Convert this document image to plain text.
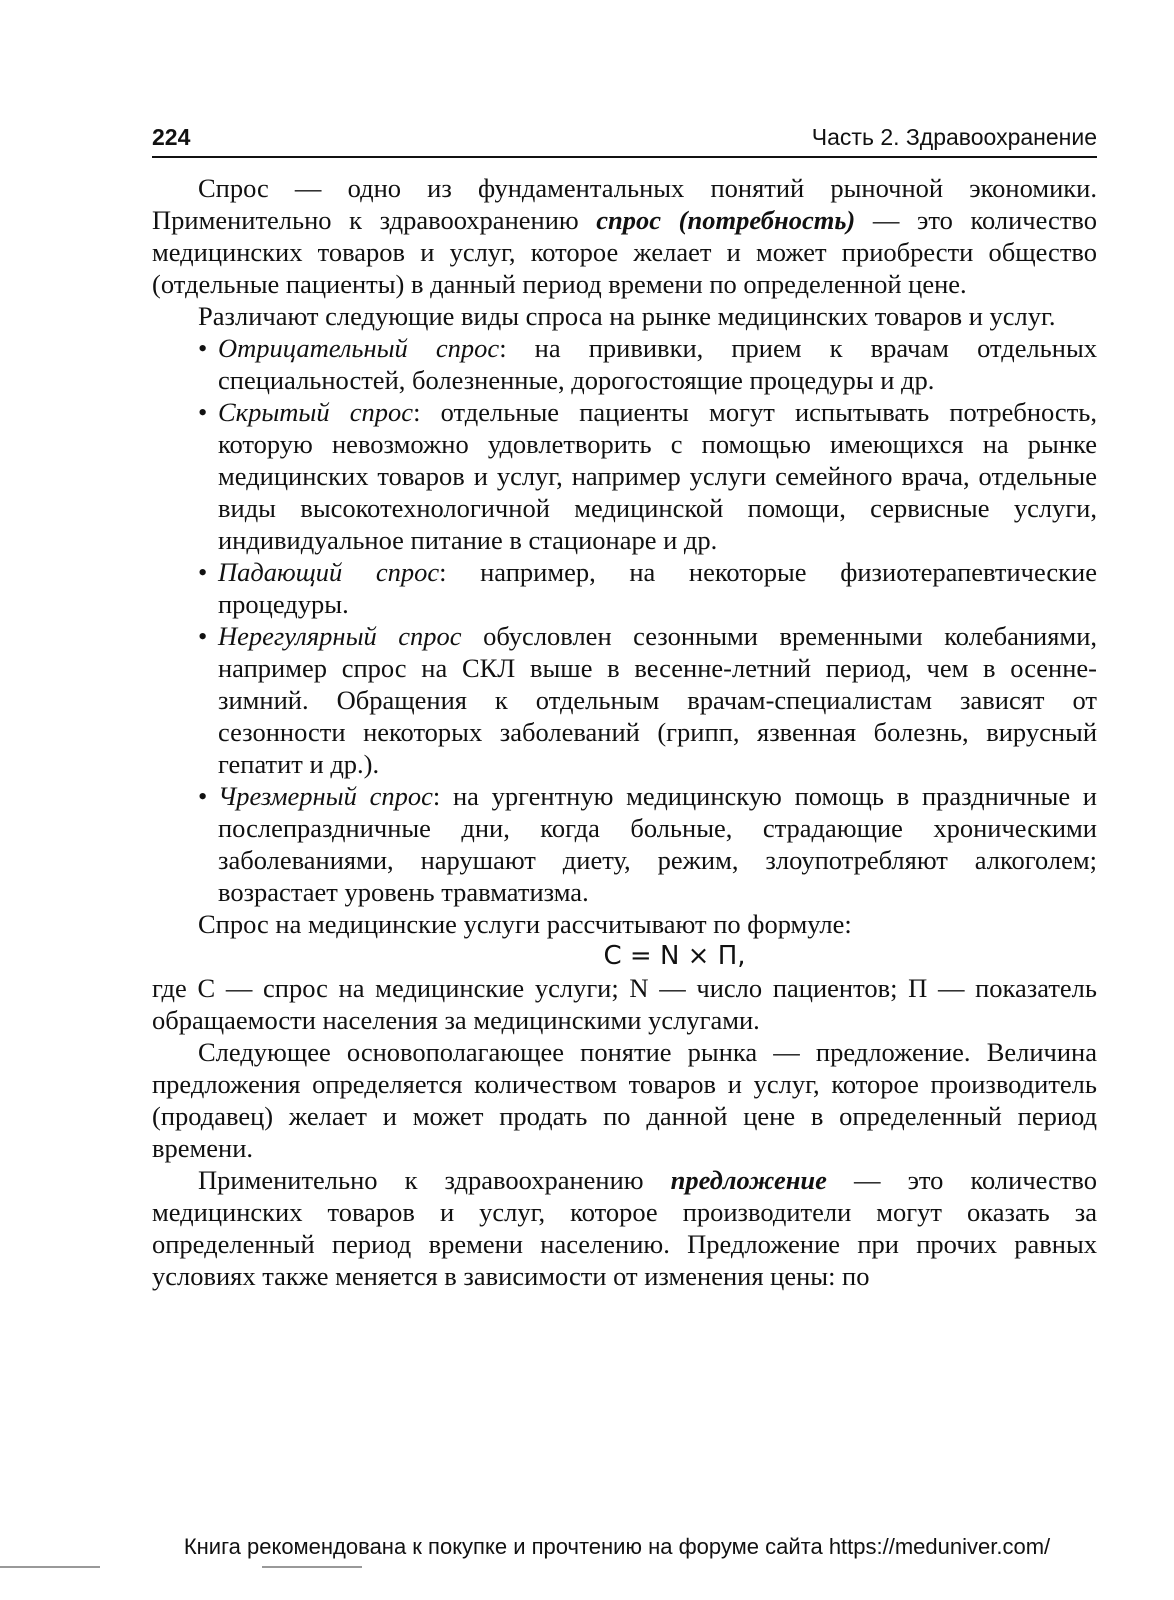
224	Часть 2. Здравоохранение

Спрос — одно из фундаментальных понятий рыночной экономики. Применительно к здравоохранению спрос (потребность) — это количество медицинских товаров и услуг, которое желает и может приобрести общество (отдельные пациенты) в данный период времени по определенной цене.

Различают следующие виды спроса на рынке медицинских товаров и услуг.

• Отрицательный спрос: на прививки, прием к врачам отдельных специальностей, болезненные, дорогостоящие процедуры и др.
• Скрытый спрос: отдельные пациенты могут испытывать потребность, которую невозможно удовлетворить с помощью имеющихся на рынке медицинских товаров и услуг, например услуги семейного врача, отдельные виды высокотехнологичной медицинской помощи, сервисные услуги, индивидуальное питание в стационаре и др.
• Падающий спрос: например, на некоторые физиотерапевтические процедуры.
• Нерегулярный спрос обусловлен сезонными временными колебаниями, например спрос на СКЛ выше в весенне-летний период, чем в осенне-зимний. Обращения к отдельным врачам-специалистам зависят от сезонности некоторых заболеваний (грипп, язвенная болезнь, вирусный гепатит и др.).
• Чрезмерный спрос: на ургентную медицинскую помощь в праздничные и послепраздничные дни, когда больные, страдающие хроническими заболеваниями, нарушают диету, режим, злоупотребляют алкоголем; возрастает уровень травматизма.

Спрос на медицинские услуги рассчитывают по формуле:

С = N × П,

где С — спрос на медицинские услуги; N — число пациентов; П — показатель обращаемости населения за медицинскими услугами.

Следующее основополагающее понятие рынка — предложение. Величина предложения определяется количеством товаров и услуг, которое производитель (продавец) желает и может продать по данной цене в определенный период времени.

Применительно к здравоохранению предложение — это количество медицинских товаров и услуг, которое производители могут оказать за определенный период времени населению. Предложение при прочих равных условиях также меняется в зависимости от изменения цены: по

Книга рекомендована к покупке и прочтению на форуме сайта https://meduniver.com/
